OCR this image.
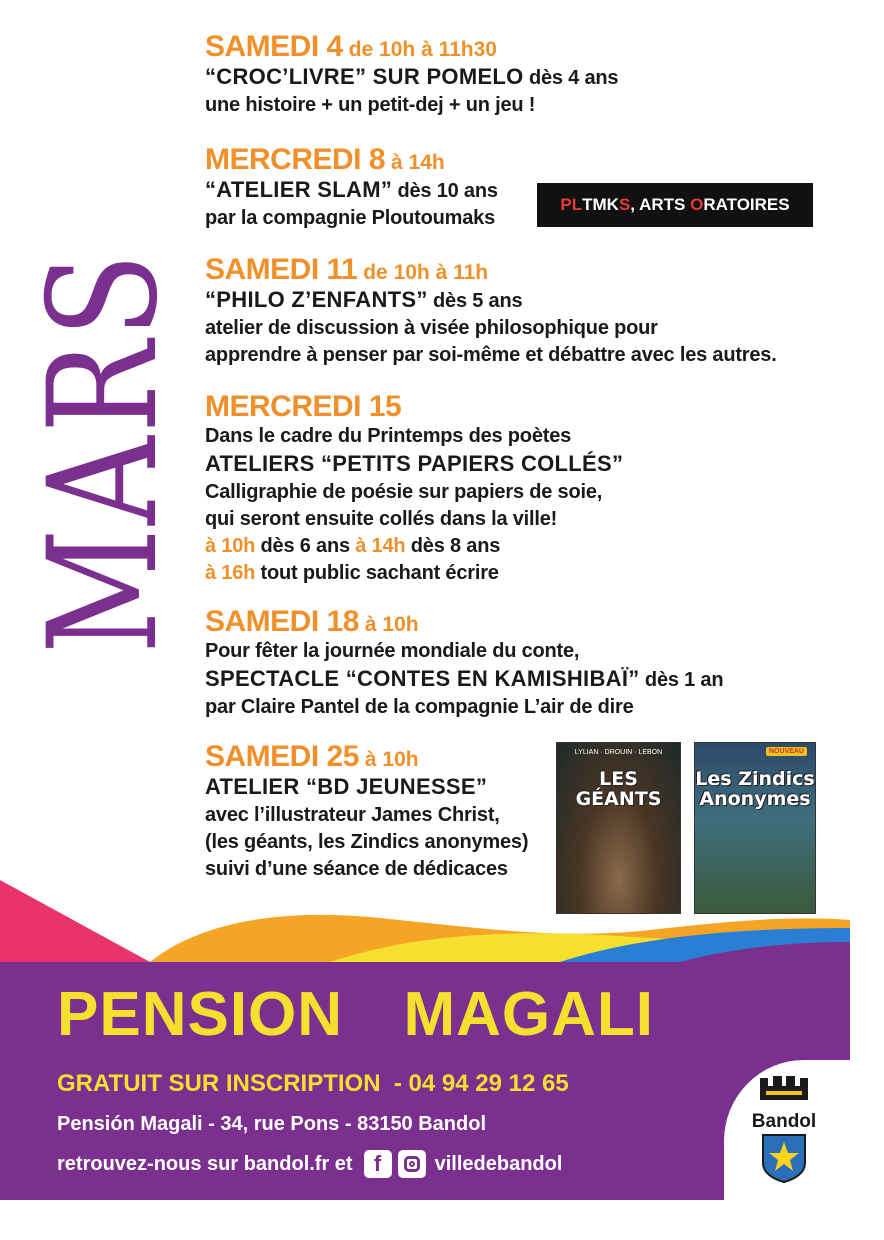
MARS
SAMEDI 4 de 10h à 11h30
“CROC’LIVRE” SUR POMELO dès 4 ans
une histoire + un petit-dej + un jeu !
MERCREDI 8 à 14h
“ATELIER SLAM” dès 10 ans
par la compagnie Ploutoumaks
PL TMK S , ARTS O RATOIRES
SAMEDI 11 de 10h à 11h
“PHILO Z’ENFANTS” dès 5 ans
atelier de discussion à visée philosophique pour
apprendre à penser par soi-même et débattre avec les autres.
MERCREDI 15
Dans le cadre du Printemps des poètes
ATELIERS “PETITS PAPIERS COLLÉS”
Calligraphie de poésie sur papiers de soie,
qui seront ensuite collés dans la ville!
à 10h dès 6 ans à 14h dès 8 ans
à 16h tout public sachant écrire
SAMEDI 18 à 10h
Pour fêter la journée mondiale du conte,
SPECTACLE “CONTES EN KAMISHIBAÏ” dès 1 an
par Claire Pantel de la compagnie L’air de dire
SAMEDI 25 à 10h
ATELIER “BD JEUNESSE”
avec l’illustrateur James Christ,
(les géants, les Zindics anonymes)
suivi d’une séance de dédicaces
LYLIAN · DROUIN · LEBON
LES GÉANTS
NOUVEAU
Les Zindics Anonymes
PENSION  MAGALI
GRATUIT SUR INSCRIPTION  - 04 94 29 12 65
Pensión Magali - 34, rue Pons - 83150 Bandol
retrouvez-nous sur bandol.fr et f	villedebandol
Bandol
